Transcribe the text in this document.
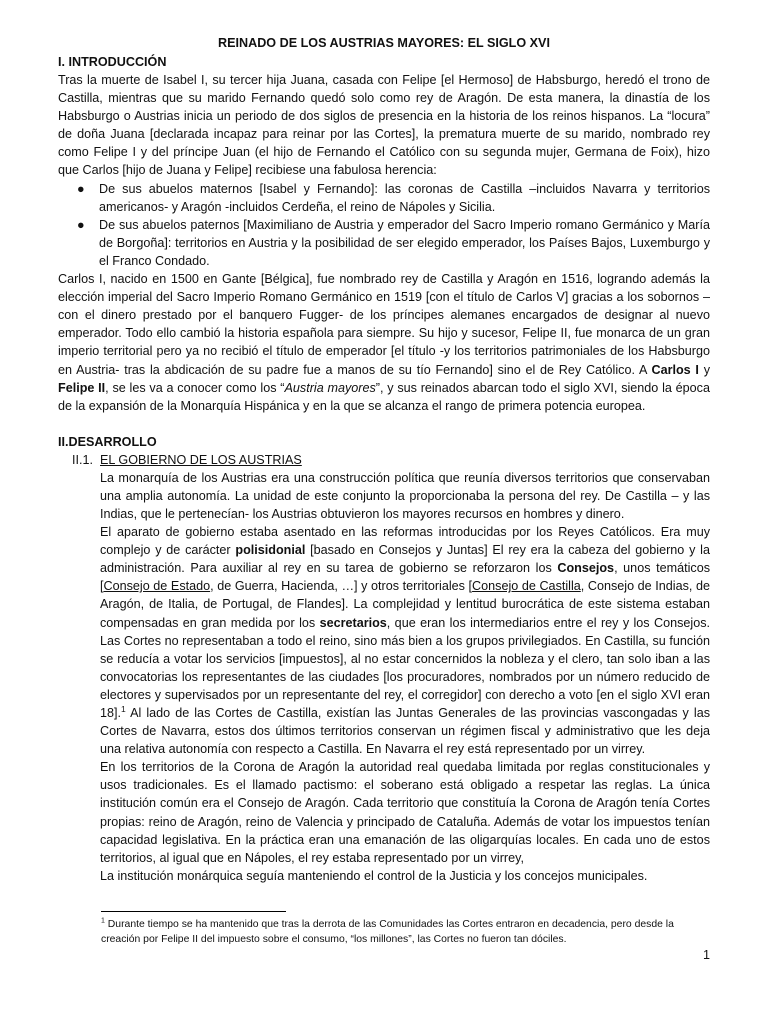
REINADO DE LOS AUSTRIAS MAYORES: EL SIGLO XVI

I. INTRODUCCIÓN

Tras la muerte de Isabel I, su tercer hija Juana, casada con Felipe [el Hermoso] de Habsburgo, heredó el trono de Castilla, mientras que su marido Fernando quedó solo como rey de Aragón. De esta manera, la dinastía de los Habsburgo o Austrias inicia un periodo de dos siglos de presencia en la historia de los reinos hispanos. La “locura” de doña Juana [declarada incapaz para reinar por las Cortes], la prematura muerte de su marido, nombrado rey como Felipe I y del príncipe Juan (el hijo de Fernando el Católico con su segunda mujer, Germana de Foix), hizo que Carlos [hijo de Juana y Felipe] recibiese una fabulosa herencia:

● De sus abuelos maternos [Isabel y Fernando]: las coronas de Castilla –incluidos Navarra y territorios americanos- y Aragón -incluidos Cerdeña, el reino de Nápoles y Sicilia.
● De sus abuelos paternos [Maximiliano de Austria y emperador del Sacro Imperio romano Germánico y María de Borgoña]: territorios en Austria y la posibilidad de ser elegido emperador, los Países Bajos, Luxemburgo y el Franco Condado.

Carlos I, nacido en 1500 en Gante [Bélgica], fue nombrado rey de Castilla y Aragón en 1516, logrando además la elección imperial del Sacro Imperio Romano Germánico en 1519 [con el título de Carlos V] gracias a los sobornos –con el dinero prestado por el banquero Fugger- de los príncipes alemanes encargados de designar al nuevo emperador. Todo ello cambió la historia española para siempre. Su hijo y sucesor, Felipe II, fue monarca de un gran imperio territorial pero ya no recibió el título de emperador [el título -y los territorios patrimoniales de los Habsburgo en Austria- tras la abdicación de su padre fue a manos de su tío Fernando] sino el de Rey Católico. A Carlos I y Felipe II, se les va a conocer como los “Austria mayores”, y sus reinados abarcan todo el siglo XVI, siendo la época de la expansión de la Monarquía Hispánica y en la que se alcanza el rango de primera potencia europea.

II.DESARROLLO

II.1. EL GOBIERNO DE LOS AUSTRIAS

La monarquía de los Austrias era una construcción política que reunía diversos territorios que conservaban una amplia autonomía. La unidad de este conjunto la proporcionaba la persona del rey. De Castilla – y las Indias, que le pertenecían- los Austrias obtuvieron los mayores recursos en hombres y dinero.

El aparato de gobierno estaba asentado en las reformas introducidas por los Reyes Católicos. Era muy complejo y de carácter polisidonial [basado en Consejos y Juntas] El rey era la cabeza del gobierno y la administración. Para auxiliar al rey en su tarea de gobierno se reforzaron los Consejos, unos temáticos [Consejo de Estado, de Guerra, Hacienda, …] y otros territoriales [Consejo de Castilla, Consejo de Indias, de Aragón, de Italia, de Portugal, de Flandes]. La complejidad y lentitud burocrática de este sistema estaban compensadas en gran medida por los secretarios, que eran los intermediarios entre el rey y los Consejos. Las Cortes no representaban a todo el reino, sino más bien a los grupos privilegiados. En Castilla, su función se reducía a votar los servicios [impuestos], al no estar concernidos la nobleza y el clero, tan solo iban a las convocatorias los representantes de las ciudades [los procuradores, nombrados por un número reducido de electores y supervisados por un representante del rey, el corregidor] con derecho a voto [en el siglo XVI eran 18].$^1$ Al lado de las Cortes de Castilla, existían las Juntas Generales de las provincias vascongadas y las Cortes de Navarra, estos dos últimos territorios conservan un régimen fiscal y administrativo que les deja una relativa autonomía con respecto a Castilla. En Navarra el rey está representado por un virrey.

En los territorios de la Corona de Aragón la autoridad real quedaba limitada por reglas constitucionales y usos tradicionales. Es el llamado pactismo: el soberano está obligado a respetar las reglas. La única institución común era el Consejo de Aragón. Cada territorio que constituía la Corona de Aragón tenía Cortes propias: reino de Aragón, reino de Valencia y principado de Cataluña. Además de votar los impuestos tenían capacidad legislativa. En la práctica eran una emanación de las oligarquías locales. En cada uno de estos territorios, al igual que en Nápoles, el rey estaba representado por un virrey,

La institución monárquica seguía manteniendo el control de la Justicia y los concejos municipales.

$^1$ Durante tiempo se ha mantenido que tras la derrota de las Comunidades las Cortes entraron en decadencia, pero desde la creación por Felipe II del impuesto sobre el consumo, “los millones”, las Cortes no fueron tan dóciles.
1
